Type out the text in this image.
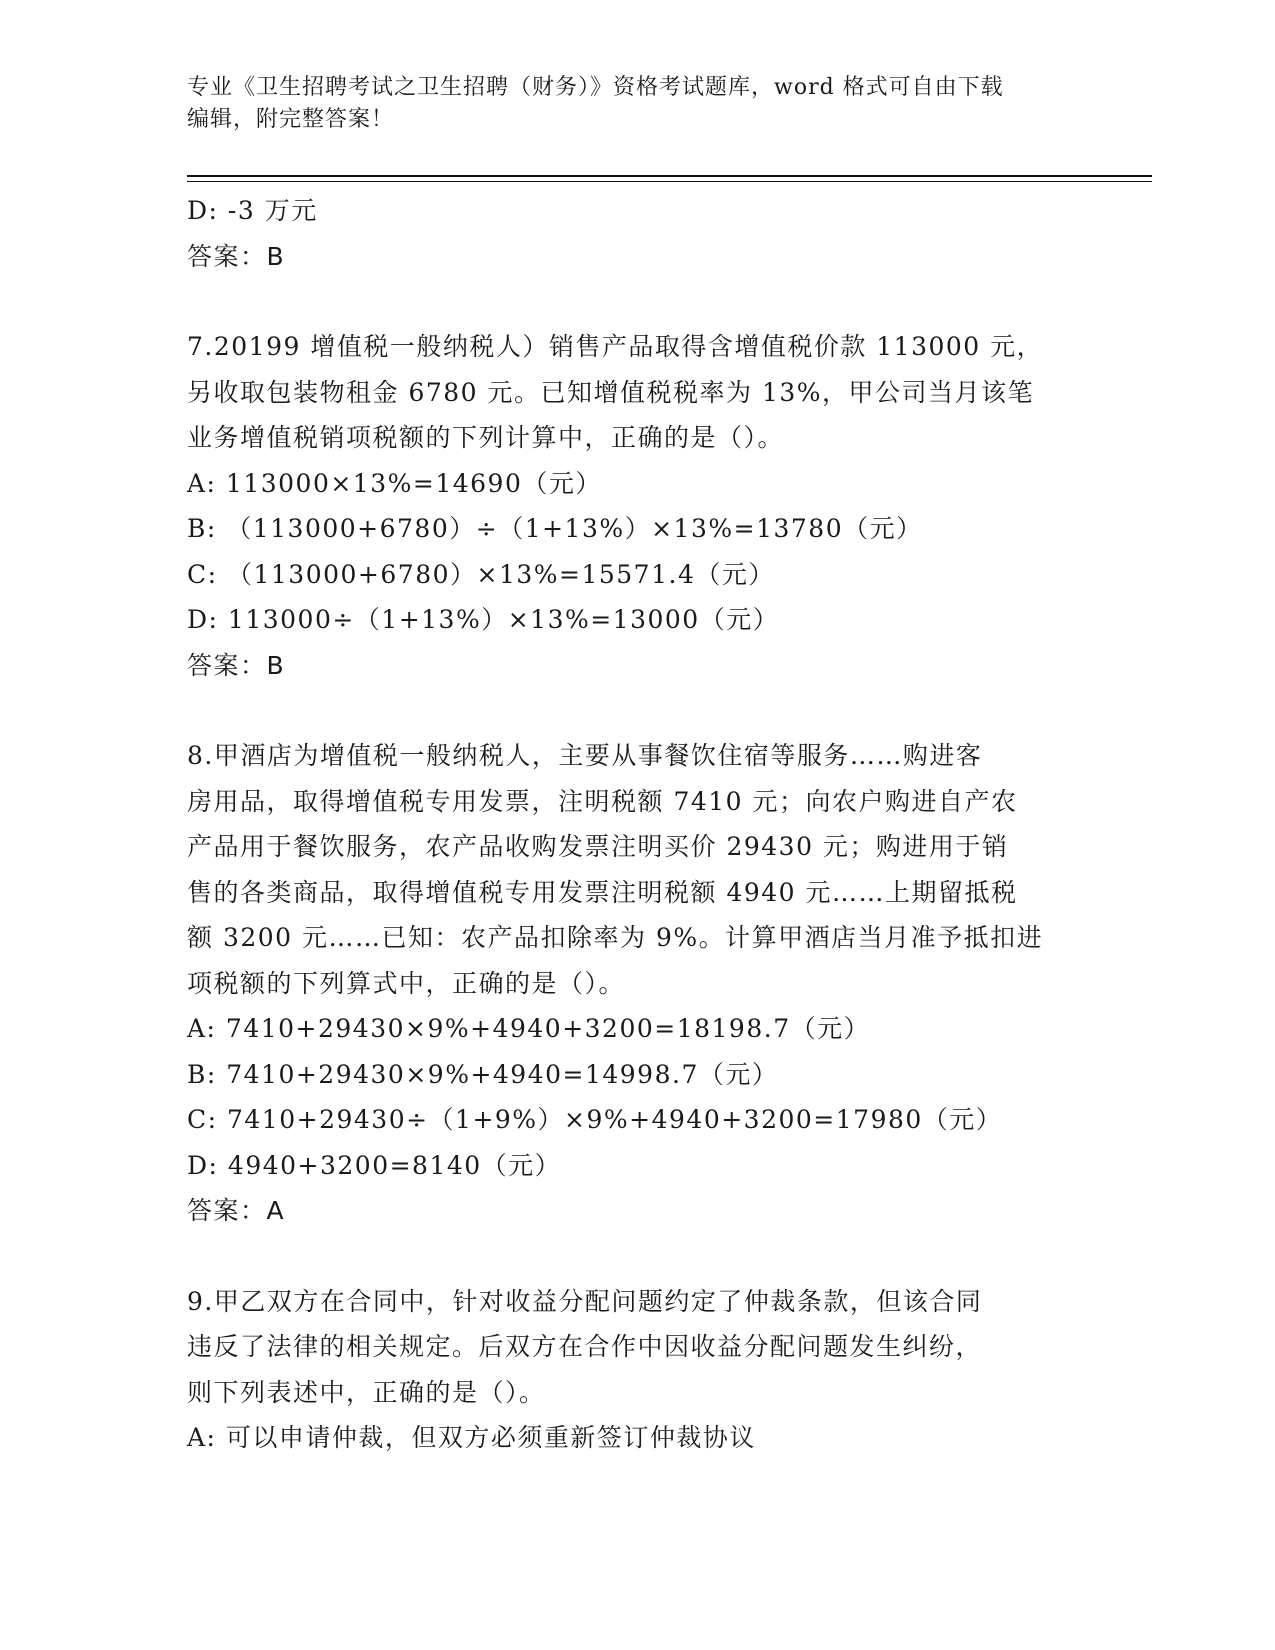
专业《卫生招聘考试之卫生招聘（财务）》资格考试题库，word 格式可自由下载
编辑，附完整答案！
D: -3 万元
答案：B
7.20199 增值税一般纳税人）销售产品取得含增值税价款 113000 元，
另收取包装物租金 6780 元。已知增值税税率为 13%，甲公司当月该笔
业务增值税销项税额的下列计算中，正确的是（）。
A: 113000×13%=14690（元）
B: （113000+6780）÷（1+13%）×13%=13780（元）
C: （113000+6780）×13%=15571.4（元）
D: 113000÷（1+13%）×13%=13000（元）
答案：B
8.甲酒店为增值税一般纳税人，主要从事餐饮住宿等服务……购进客
房用品，取得增值税专用发票，注明税额 7410 元；向农户购进自产农
产品用于餐饮服务，农产品收购发票注明买价 29430 元；购进用于销
售的各类商品，取得增值税专用发票注明税额 4940 元……上期留抵税
额 3200 元……已知：农产品扣除率为 9%。计算甲酒店当月准予抵扣进
项税额的下列算式中，正确的是（）。
A: 7410+29430×9%+4940+3200=18198.7（元）
B: 7410+29430×9%+4940=14998.7（元）
C: 7410+29430÷（1+9%）×9%+4940+3200=17980（元）
D: 4940+3200=8140（元）
答案：A
9.甲乙双方在合同中，针对收益分配问题约定了仲裁条款，但该合同
违反了法律的相关规定。后双方在合作中因收益分配问题发生纠纷，
则下列表述中，正确的是（）。
A: 可以申请仲裁，但双方必须重新签订仲裁协议
